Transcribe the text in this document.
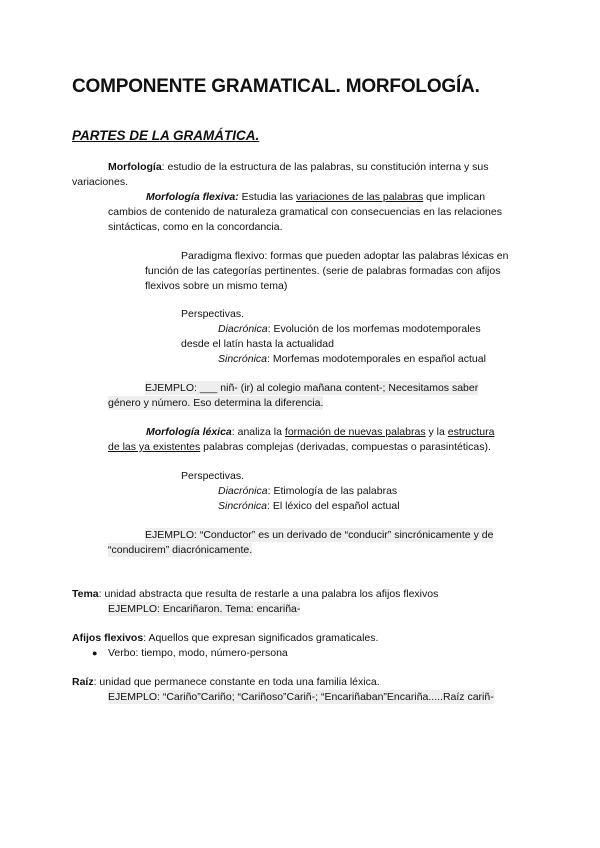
COMPONENTE GRAMATICAL. MORFOLOGÍA.
PARTES DE LA GRAMÁTICA.
Morfología: estudio de la estructura de las palabras, su constitución interna y sus
variaciones.
Morfología flexiva: Estudia las variaciones de las palabras que implican
cambios de contenido de naturaleza gramatical con consecuencias en las relaciones
sintácticas, como en la concordancia.
Paradigma flexivo: formas que pueden adoptar las palabras léxicas en
función de las categorías pertinentes. (serie de palabras formadas con afijos
flexivos sobre un mismo tema)
Perspectivas.
Diacrónica: Evolución de los morfemas modotemporales
desde el latín hasta la actualidad
Sincrónica: Morfemas modotemporales en español actual
EJEMPLO: ___ niñ- (ir) al colegio mañana content-; Necesitamos saber
género y número. Eso determina la diferencia.
Morfología léxica: analiza la formación de nuevas palabras y la estructura
de las ya existentes palabras complejas (derivadas, compuestas o parasintéticas).
Perspectivas.
Diacrónica: Etimología de las palabras
Sincrónica: El léxico del español actual
EJEMPLO: “Conductor” es un derivado de “conducir” sincrónicamente y de
“conducirem” diacrónicamente.
Tema: unidad abstracta que resulta de restarle a una palabra los afijos flexivos
EJEMPLO: Encariñaron. Tema: encariña-
Afijos flexivos: Aquellos que expresan significados gramaticales.
● Verbo: tiempo, modo, número-persona
Raíz: unidad que permanece constante en toda una familia léxica.
EJEMPLO: “Cariño”Cariño; “Cariñoso”Cariñ-; “Encariñaban”Encariña.....Raíz cariñ-
